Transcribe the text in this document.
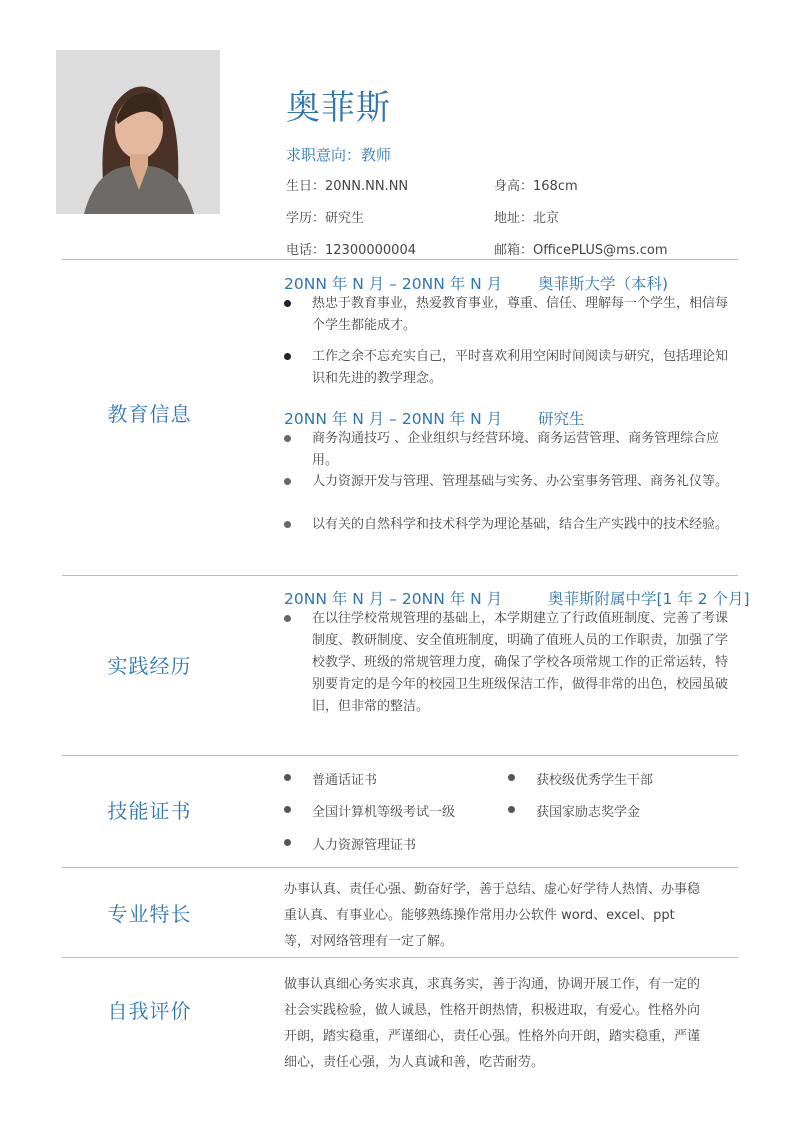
奥菲斯
求职意向：教师
生日：20NN.NN.NN	身高：168cm
学历：研究生	地址：北京
电话：12300000004	邮箱：OfficePLUS@ms.com
教育信息
20NN 年 N 月 – 20NN 年 N 月 奥菲斯大学（本科)
热忠于教育事业，热爱教育事业，尊重、信任、理解每一个学生，相信每个学生都能成才。
工作之余不忘充实自己，平时喜欢利用空闲时间阅读与研究，包括理论知识和先进的教学理念。
20NN 年 N 月 – 20NN 年 N 月 研究生
商务沟通技巧 、企业组织与经营环境、商务运营管理、商务管理综合应用。
人力资源开发与管理、管理基础与实务、办公室事务管理、商务礼仪等。
以有关的自然科学和技术科学为理论基础，结合生产实践中的技术经验。
实践经历
20NN 年 N 月 – 20NN 年 N 月	奥菲斯附属中学[1 年 2 个月]
在以往学校常规管理的基础上，本学期建立了行政值班制度、完善了考课制度、教研制度、安全值班制度，明确了值班人员的工作职责，加强了学校教学、班级的常规管理力度，确保了学校各项常规工作的正常运转，特别要肯定的是今年的校园卫生班级保洁工作，做得非常的出色，校园虽破旧，但非常的整洁。
技能证书
普通话证书	获校级优秀学生干部
全国计算机等级考试一级	获国家励志奖学金
人力资源管理证书
专业特长
办事认真、责任心强、勤奋好学，善于总结、虚心好学待人热情、办事稳重认真、有事业心。能够熟练操作常用办公软件 word、excel、ppt 等，对网络管理有一定了解。
自我评价
做事认真细心务实求真，求真务实，善于沟通，协调开展工作，有一定的社会实践检验，做人诚恳，性格开朗热情，积极进取，有爱心。性格外向开朗，踏实稳重，严谨细心，责任心强。性格外向开朗，踏实稳重，严谨细心，责任心强，为人真诚和善，吃苦耐劳。
